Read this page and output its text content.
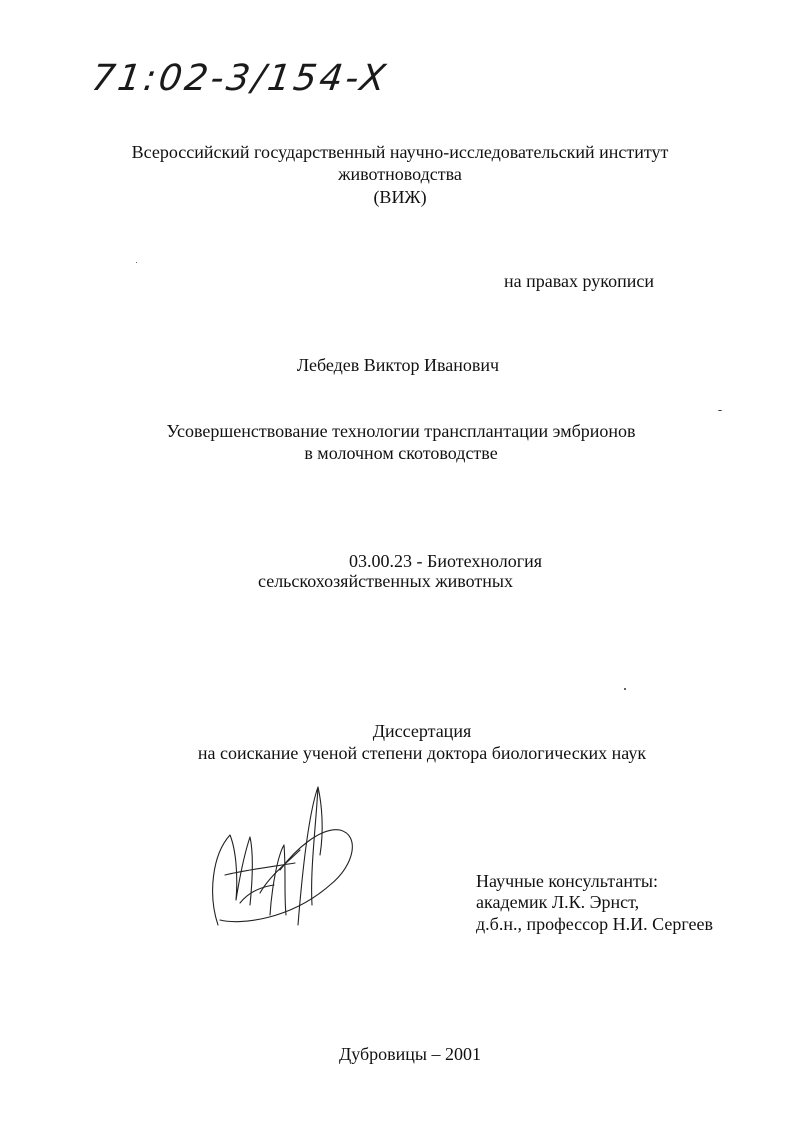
71:02-3/154-X
Всероссийский государственный научно-исследовательский институт
животноводства
(ВИЖ)
на правах рукописи
Лебедев Виктор Иванович
Усовершенствование технологии трансплантации эмбрионов
в молочном скотоводстве
03.00.23 - Биотехнология
сельскохозяйственных животных
Диссертация
на соискание ученой степени доктора биологических наук
Научные консультанты:
академик Л.К. Эрнст,
д.б.н., профессор Н.И. Сергеев
Дубровицы – 2001
